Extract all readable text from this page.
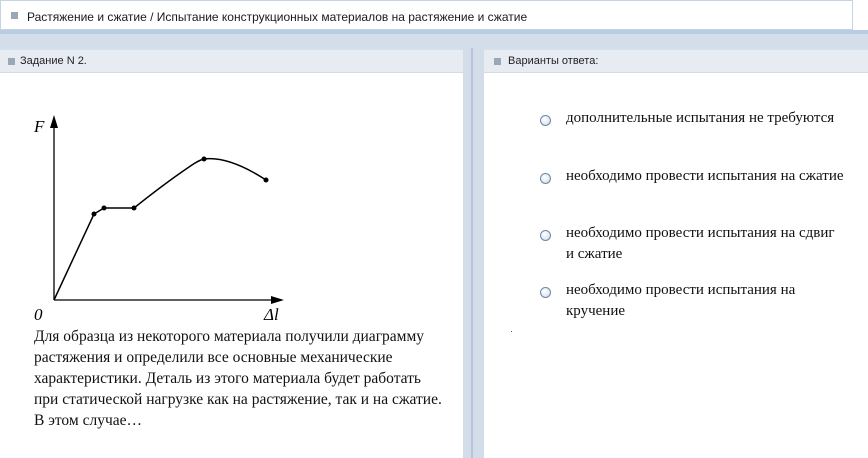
Растяжение и сжатие / Испытание конструкционных материалов на растяжение и сжатие
Задание N 2.
F
0	Δl
Для образца из некоторого материала получили диаграмму растяжения и определили все основные механические характеристики. Деталь из этого материала будет работать при статической нагрузке как на растяжение, так и на сжатие. В этом случае…
Варианты ответа:
дополнительные испытания не требуются
необходимо провести испытания на сжатие
необходимо провести испытания на сдвиг и сжатие
необходимо провести испытания на кручение
